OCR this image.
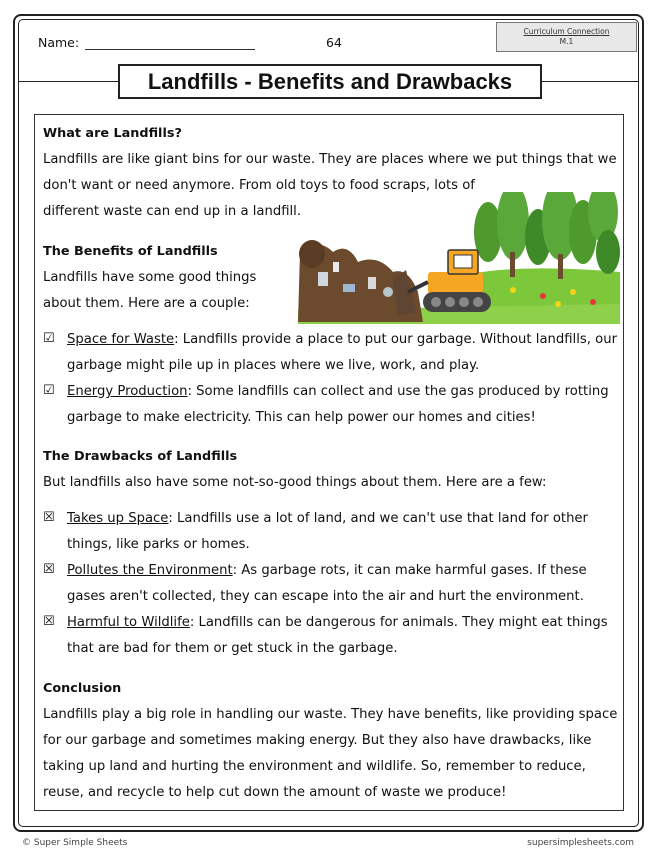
Name:	64
Curriculum Connection
M.1
Landfills - Benefits and Drawbacks
What are Landfills?
Landfills are like giant bins for our waste. They are places where we put things that we
don't want or need anymore. From old toys to food scraps, lots of
different waste can end up in a landfill.
The Benefits of Landfills
Landfills have some good things
about them. Here are a couple:
☑ Space for Waste: Landfills provide a place to put our garbage. Without landfills, our
garbage might pile up in places where we live, work, and play.
☑ Energy Production: Some landfills can collect and use the gas produced by rotting
garbage to make electricity. This can help power our homes and cities!
The Drawbacks of Landfills
But landfills also have some not-so-good things about them. Here are a few:
☒ Takes up Space: Landfills use a lot of land, and we can't use that land for other
things, like parks or homes.
☒ Pollutes the Environment: As garbage rots, it can make harmful gases. If these
gases aren't collected, they can escape into the air and hurt the environment.
☒ Harmful to Wildlife: Landfills can be dangerous for animals. They might eat things
that are bad for them or get stuck in the garbage.
Conclusion
Landfills play a big role in handling our waste. They have benefits, like providing space
for our garbage and sometimes making energy. But they also have drawbacks, like
taking up land and hurting the environment and wildlife. So, remember to reduce,
reuse, and recycle to help cut down the amount of waste we produce!
© Super Simple Sheets	supersimplesheets.com
